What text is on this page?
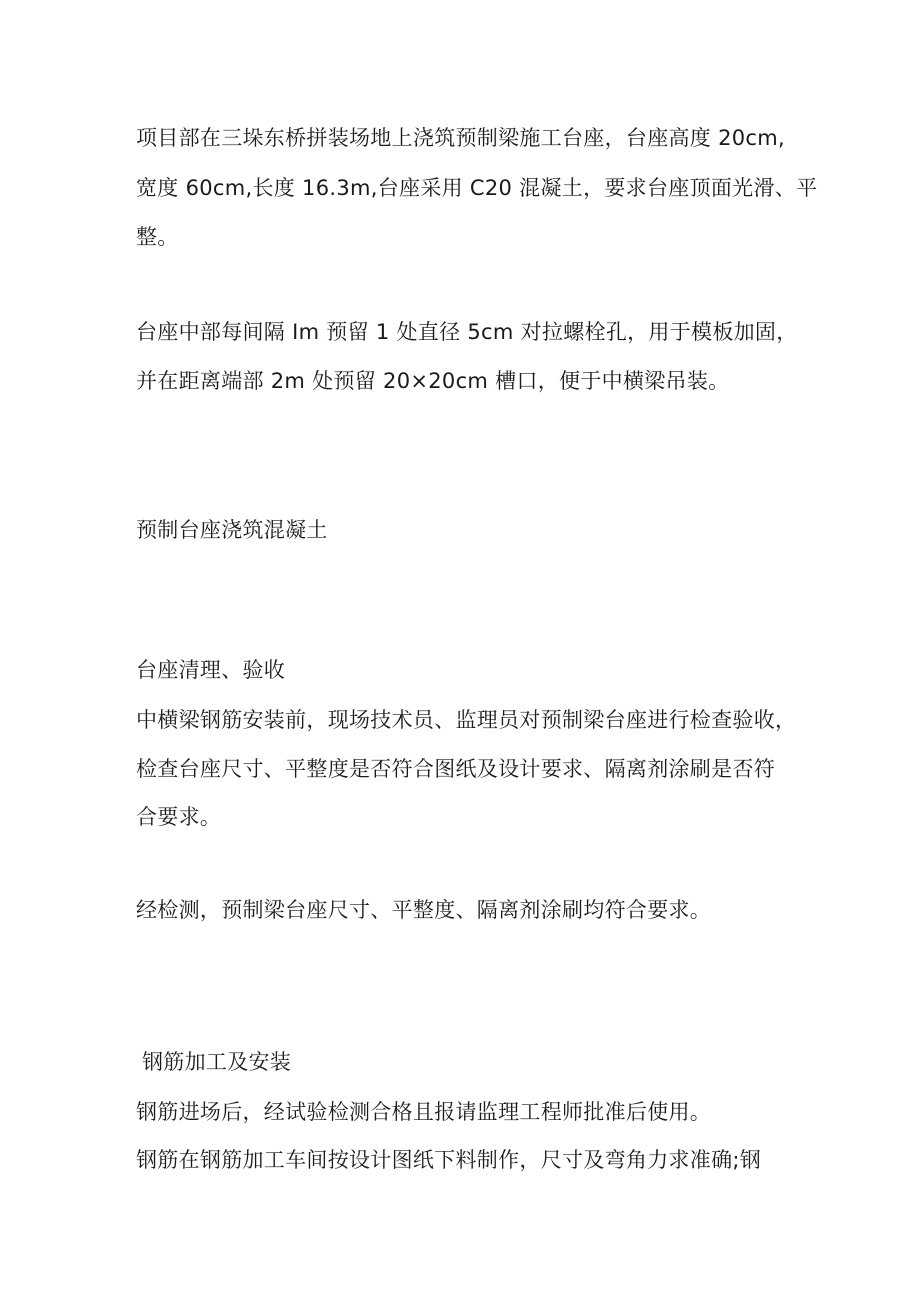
项目部在三垛东桥拼装场地上浇筑预制梁施工台座，台座高度 20cm,
宽度 60cm,长度 16.3m,台座采用 C20 混凝土，要求台座顶面光滑、平
整。
台座中部每间隔 Im 预留 1 处直径 5cm 对拉螺栓孔，用于模板加固，
并在距离端部 2m 处预留 20×20cm 槽口，便于中横梁吊装。
预制台座浇筑混凝土
台座清理、验收
中横梁钢筋安装前，现场技术员、监理员对预制梁台座进行检查验收，
检查台座尺寸、平整度是否符合图纸及设计要求、隔离剂涂刷是否符
合要求。
经检测，预制梁台座尺寸、平整度、隔离剂涂刷均符合要求。
钢筋加工及安装
钢筋进场后，经试验检测合格且报请监理工程师批准后使用。
钢筋在钢筋加工车间按设计图纸下料制作，尺寸及弯角力求准确;钢
